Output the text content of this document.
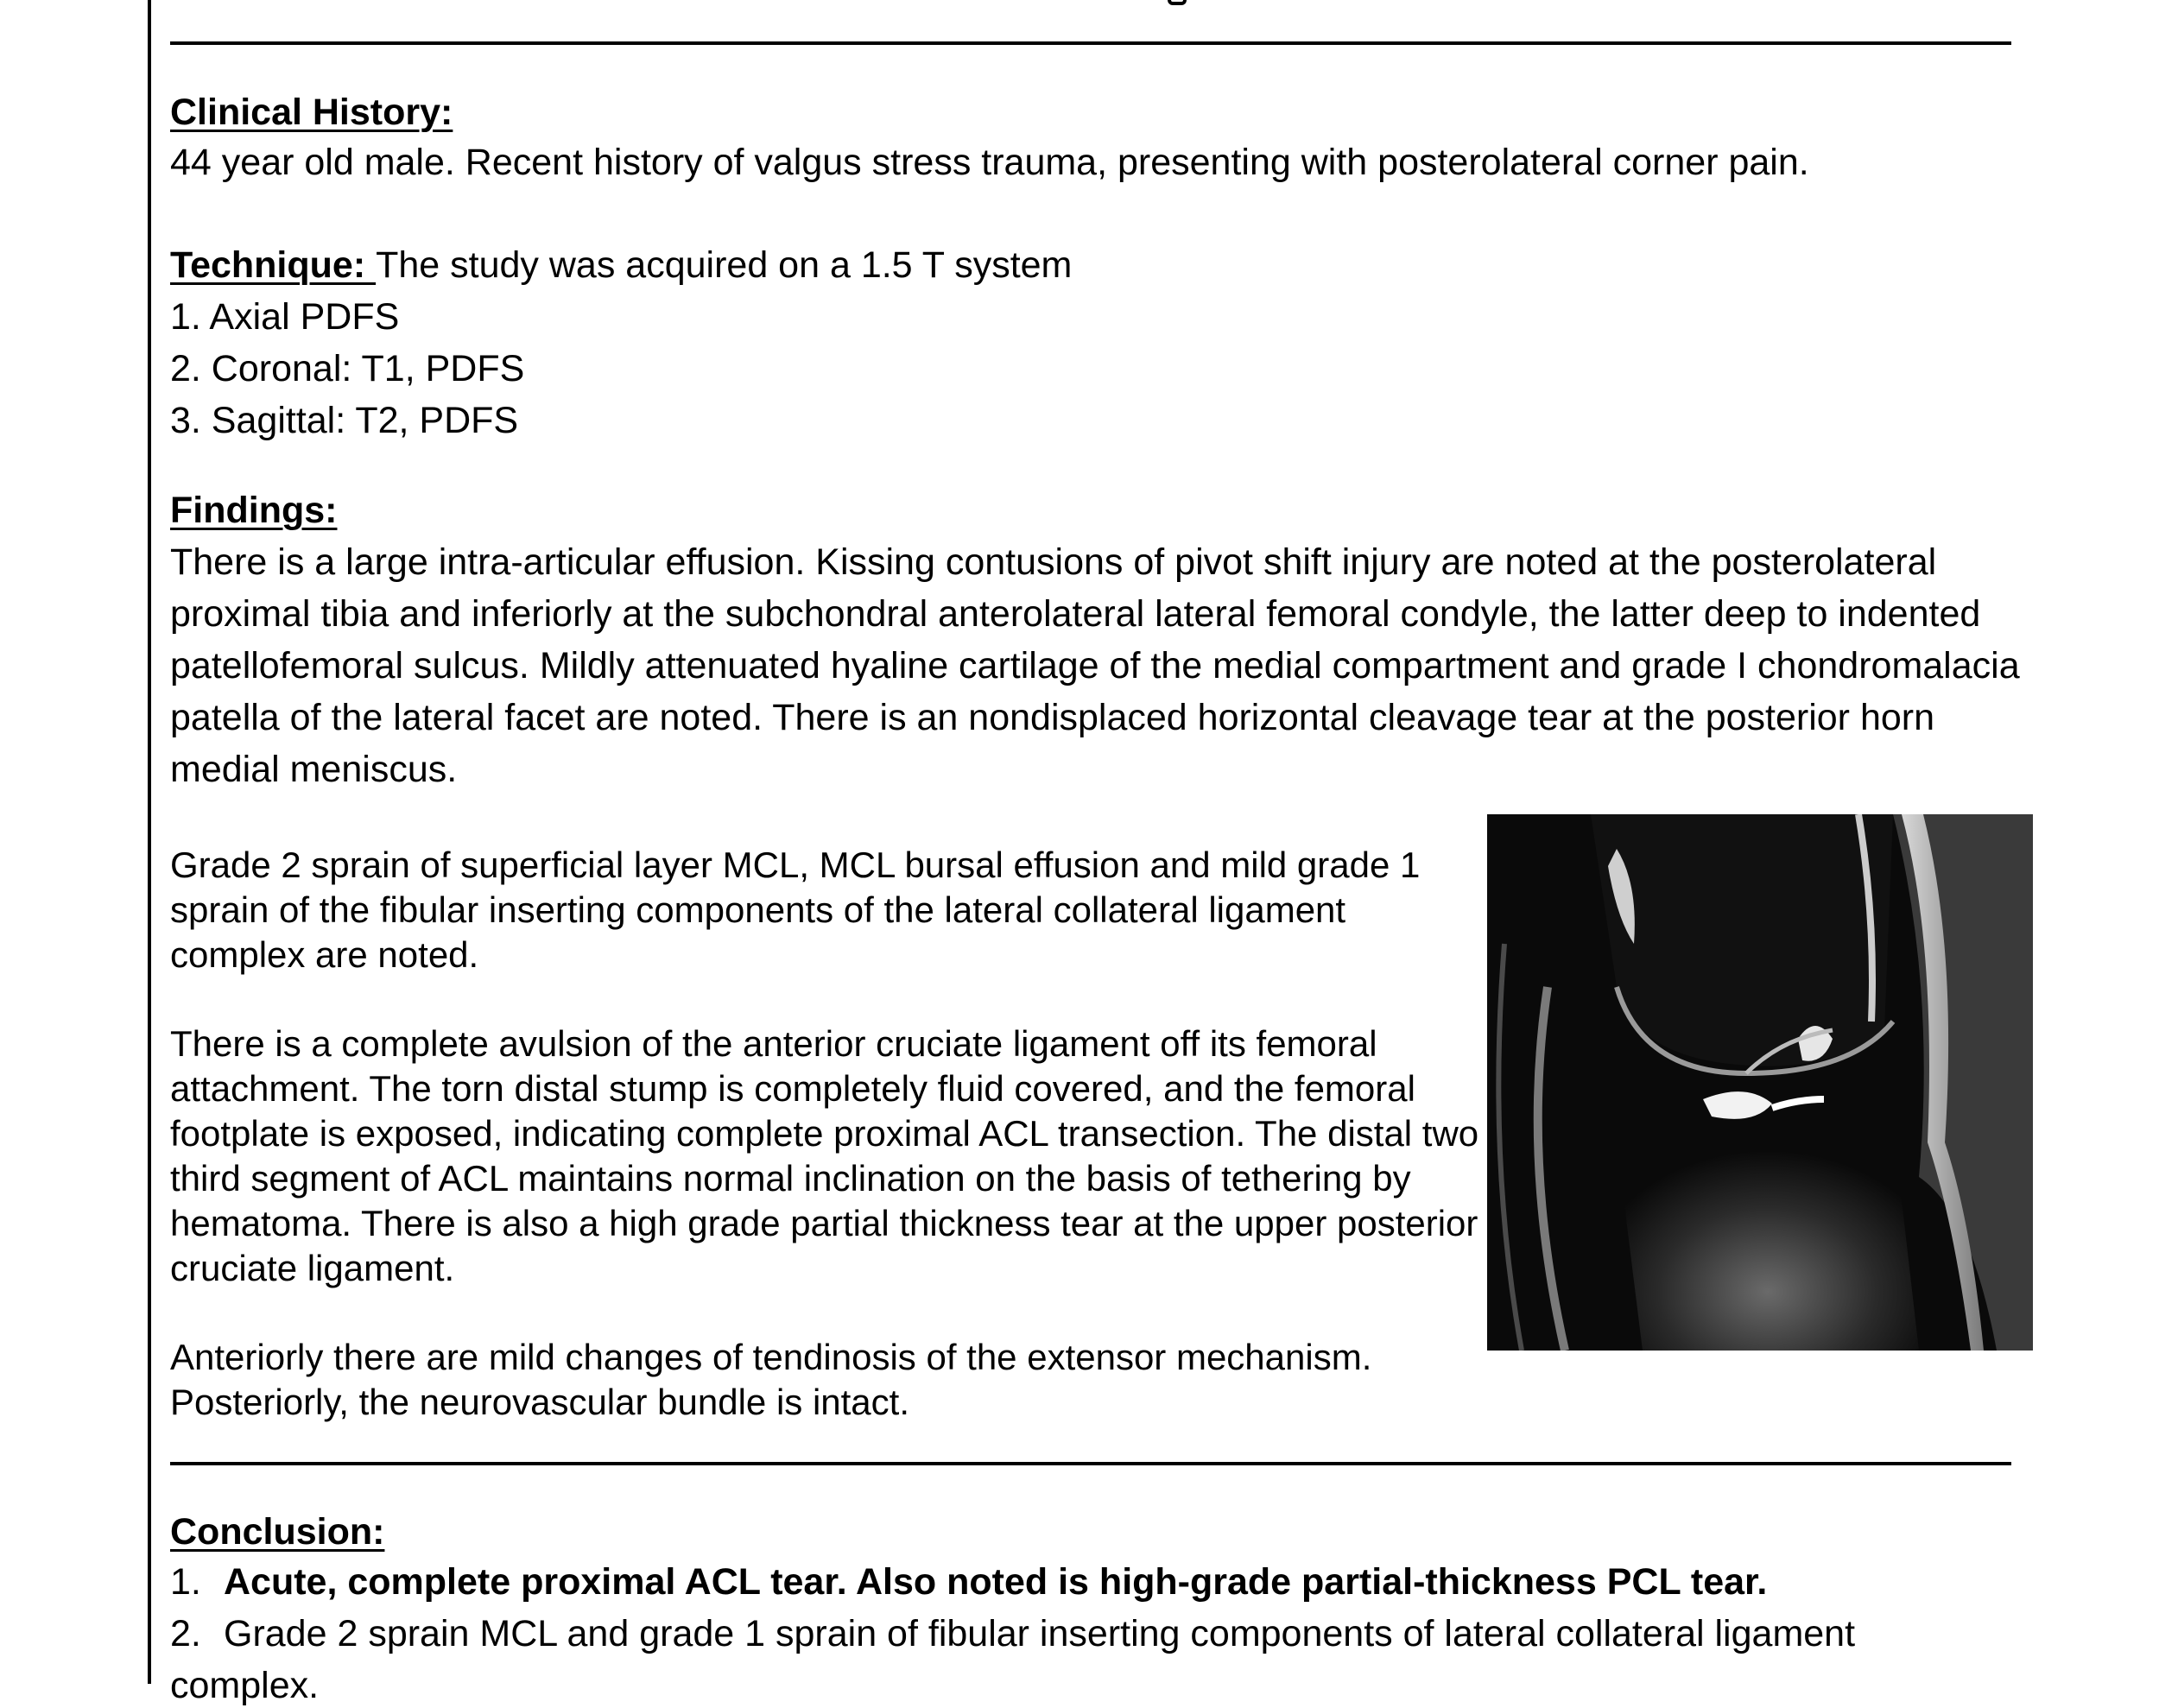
Clinical History:
44 year old male. Recent history of valgus stress trauma, presenting with posterolateral corner pain.
Technique: The study was acquired on a 1.5 T system
1. Axial PDFS
2. Coronal: T1, PDFS
3. Sagittal: T2, PDFS
Findings:

There is a large intra-articular effusion. Kissing contusions of pivot shift injury are noted at the posterolateral proximal tibia and inferiorly at the subchondral anterolateral lateral femoral condyle, the latter deep to indented patellofemoral sulcus. Mildly attenuated hyaline cartilage of the medial compartment and grade I chondromalacia patella of the lateral facet are noted. There is an nondisplaced horizontal cleavage tear at the posterior horn medial meniscus.

Grade 2 sprain of superficial layer MCL, MCL bursal effusion and mild grade 1 sprain of the fibular inserting components of the lateral collateral ligament complex are noted.

There is a complete avulsion of the anterior cruciate ligament off its femoral attachment. The torn distal stump is completely fluid covered, and the femoral footplate is exposed, indicating complete proximal ACL transection. The distal two third segment of ACL maintains normal inclination on the basis of tethering by hematoma. There is also a high grade partial thickness tear at the upper posterior cruciate ligament.

Anteriorly there are mild changes of tendinosis of the extensor mechanism. Posteriorly, the neurovascular bundle is intact.

Conclusion:
1. Acute, complete proximal ACL tear. Also noted is high-grade partial-thickness PCL tear.
2. Grade 2 sprain MCL and grade 1 sprain of fibular inserting components of lateral collateral ligament
complex.
